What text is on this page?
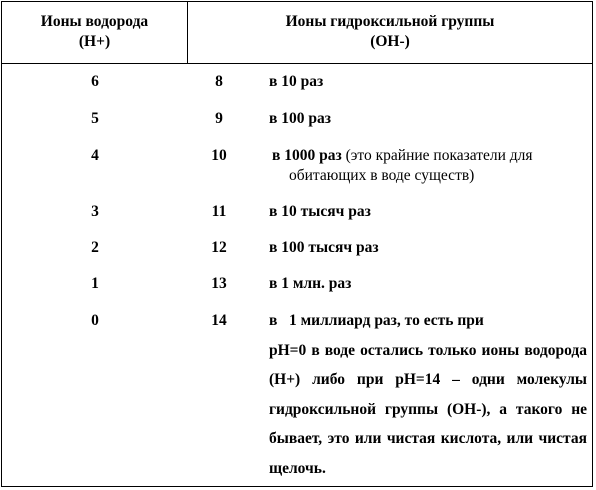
Ионы водорода
(H+)
Ионы гидроксильной группы
(OH-)
6	8	в 10 раз
5	9	в 100 раз
4	10	в 1000 раз (это крайние показатели для
обитающих в воде существ)
3	11	в 10 тысяч раз
2	12	в 100 тысяч раз
1	13	в 1 млн. раз
0	14	в   1 миллиард раз, то есть при
pH=0 в воде остались только ионы водорода (H+) либо при pH=14 – одни молекулы гидроксильной группы (OH-), а такого не бывает, это или чистая кислота, или чистая щелочь.
